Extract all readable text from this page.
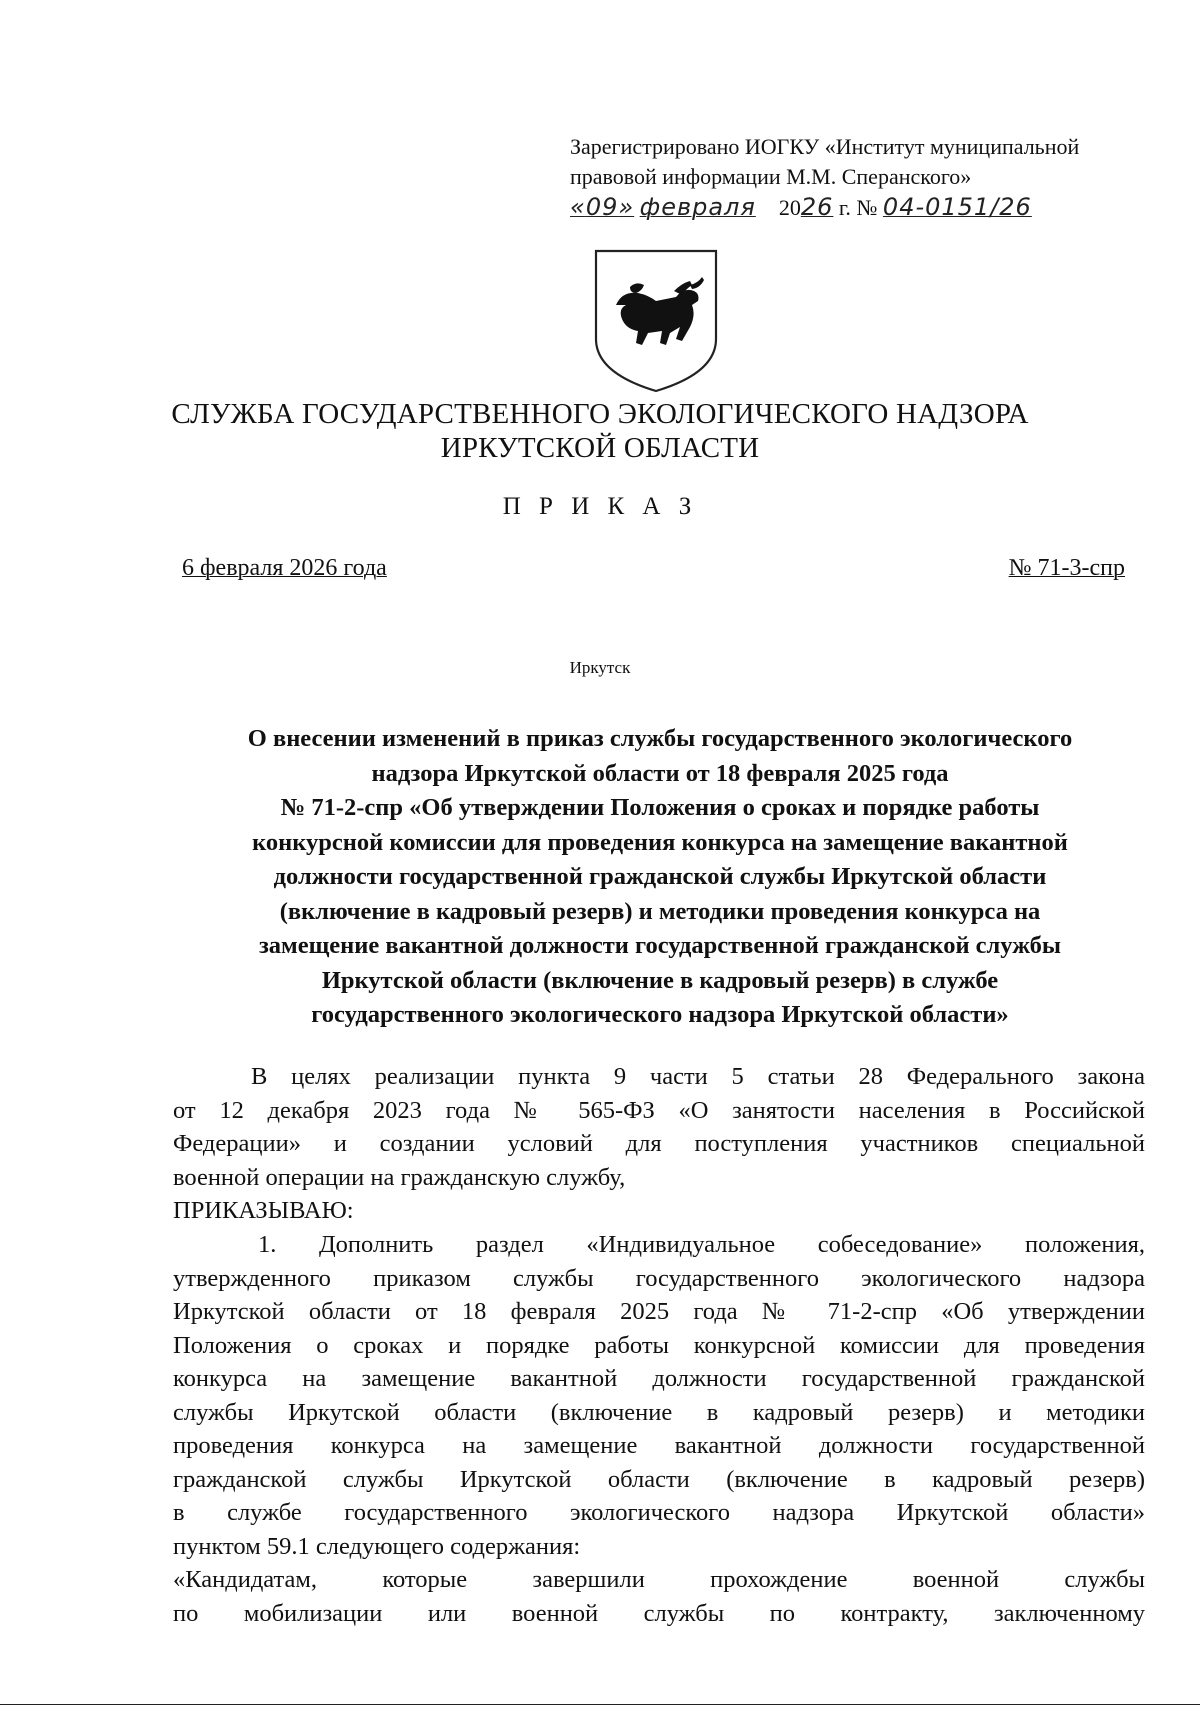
Зарегистрировано ИОГКУ «Институт муниципальной
правовой информации М.М. Сперанского»
«09» февраля 2026 г. № 04-0151/26
СЛУЖБА ГОСУДАРСТВЕННОГО ЭКОЛОГИЧЕСКОГО НАДЗОРА
ИРКУТСКОЙ ОБЛАСТИ
П Р И К А З
6 февраля 2026 года	№ 71-3-спр
Иркутск
О внесении изменений в приказ службы государственного экологического
надзора Иркутской области от 18 февраля 2025 года
№ 71-2-спр «Об утверждении Положения о сроках и порядке работы
конкурсной комиссии для проведения конкурса на замещение вакантной
должности государственной гражданской службы Иркутской области
(включение в кадровый резерв) и методики проведения конкурса на
замещение вакантной должности государственной гражданской службы
Иркутской области (включение в кадровый резерв) в службе
государственного экологического надзора Иркутской области»
В целях реализации пункта 9 части 5 статьи 28 Федерального закона
от 12 декабря 2023 года № 565-ФЗ «О занятости населения в Российской
Федерации» и создании условий для поступления участников специальной
военной операции на гражданскую службу,
ПРИКАЗЫВАЮ:
1. Дополнить раздел «Индивидуальное собеседование» положения,
утвержденного приказом службы государственного экологического надзора
Иркутской области от 18 февраля 2025 года № 71-2-спр «Об утверждении
Положения о сроках и порядке работы конкурсной комиссии для проведения
конкурса на замещение вакантной должности государственной гражданской
службы Иркутской области (включение в кадровый резерв) и методики
проведения конкурса на замещение вакантной должности государственной
гражданской службы Иркутской области (включение в кадровый резерв)
в службе государственного экологического надзора Иркутской области»
пунктом 59.1 следующего содержания:
«Кандидатам, которые завершили прохождение военной службы
по мобилизации или военной службы по контракту, заключенному
